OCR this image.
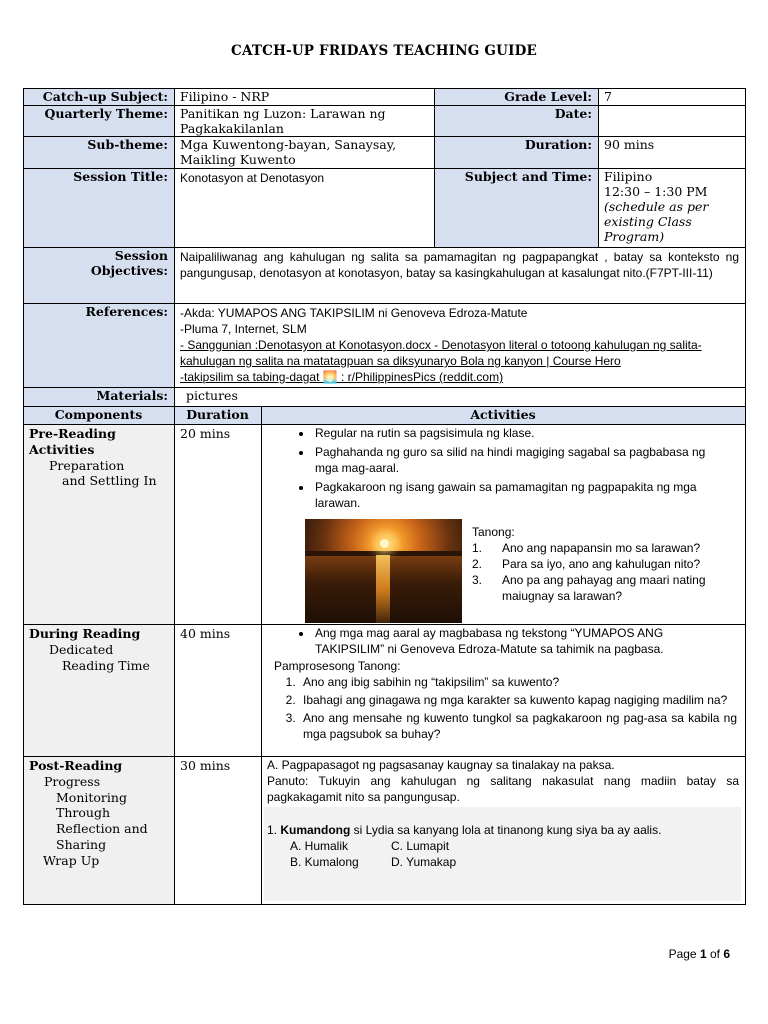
CATCH-UP FRIDAYS TEACHING GUIDE
Catch-up Subject: Filipino - NRP	Grade Level: 7
Quarterly Theme: Panitikan ng Luzon: Larawan ng Pagkakakilanlan
Date:
Sub-theme: Mga Kuwentong-bayan, Sanaysay, Maikling Kuwento
Duration: 90 mins
Session Title:	Konotasyon at Denotasyon	Subject and Time: Filipino
12:30 – 1:30 PM
(schedule as per existing Class Program)
Session
Objectives:
Naipaliliwanag ang kahulugan ng salita sa pamamagitan ng pagpapangkat , batay sa konteksto ng pangungusap, denotasyon at konotasyon, batay sa kasingkahulugan at kasalungat nito.(F7PT-III-11)
References:	-Akda: YUMAPOS ANG TAKIPSILIM ni Genoveva Edroza-Matute
-Pluma 7, Internet, SLM
- Sanggunian :Denotasyon at Konotasyon.docx - Denotasyon literal o totoong kahulugan ng salita-kahulugan ng salita na matatagpuan sa diksyunaryo Bola ng kanyon | Course Hero
-takipsilim sa tabing-dagat 🌅 : r/PhilippinesPics (reddit.com)
Materials:	pictures
Components	Duration	Activities
Pre-Reading Activities
Preparation
and Settling In
20 mins	• Regular na rutin sa pagsisimula ng klase.
• Paghahanda ng guro sa silid na hindi magiging sagabal sa pagbabasa ng mga mag-aaral.
• Pagkakaroon ng isang gawain sa pamamagitan ng pagpapakita ng mga larawan.
Tanong:
1. Ano ang napapansin mo sa larawan?
2. Para sa iyo, ano ang kahulugan nito?
3. Ano pa ang pahayag ang maari nating maiugnay sa larawan?
During Reading
Dedicated
Reading Time
40 mins	• Ang mga mag aaral ay magbabasa ng tekstong “YUMAPOS ANG TAKIPSILIM” ni Genoveva Edroza-Matute sa tahimik na pagbasa.
Pamprosesong Tanong:
1. Ano ang ibig sabihin ng “takipsilim” sa kuwento?
2. Ibahagi ang ginagawa ng mga karakter sa kuwento kapag nagiging madilim na?
3. Ano ang mensahe ng kuwento tungkol sa pagkakaroon ng pag-asa sa kabila ng mga pagsubok sa buhay?
Post-Reading
Progress
Monitoring
Through
Reflection and
Sharing
Wrap Up
30 mins	A. Pagpapasagot ng pagsasanay kaugnay sa tinalakay na paksa.
Panuto: Tukuyin ang kahulugan ng salitang nakasulat nang madiin batay sa pagkakagamit nito sa pangungusap.
1. Kumandong si Lydia sa kanyang lola at tinanong kung siya ba ay aalis.
A. Humalik	C. Lumapit
B. Kumalong	D. Yumakap
Page 1 of 6
